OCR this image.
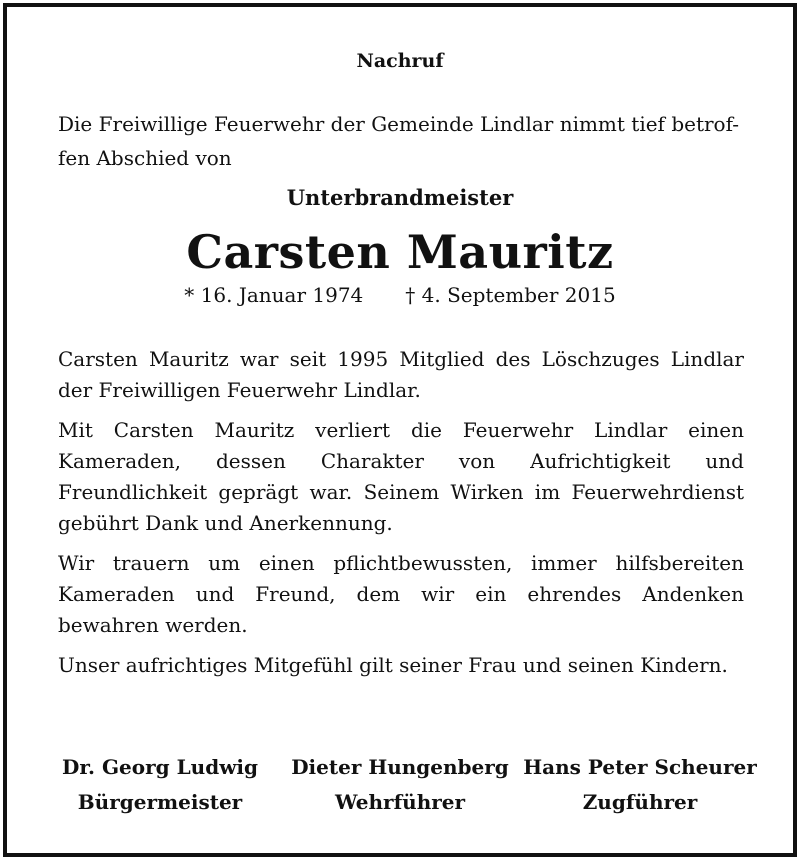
Nachruf
Die Freiwillige Feuerwehr der Gemeinde Lindlar nimmt tief betrof-
fen Abschied von
Unterbrandmeister
Carsten Mauritz
* 16. Januar 1974 † 4. September 2015

Carsten Mauritz war seit 1995 Mitglied des Löschzuges Lindlar der Freiwilligen Feuerwehr Lindlar.

Mit Carsten Mauritz verliert die Feuerwehr Lindlar einen Kameraden, dessen Charakter von Aufrichtigkeit und Freundlichkeit geprägt war. Seinem Wirken im Feuerwehrdienst gebührt Dank und Anerkennung.

Wir trauern um einen pflichtbewussten, immer hilfsbereiten Kameraden und Freund, dem wir ein ehrendes Andenken bewahren werden.

Unser aufrichtiges Mitgefühl gilt seiner Frau und seinen Kindern.

Dr. Georg Ludwig
Bürgermeister
Dieter Hungenberg
Wehrführer
Hans Peter Scheurer
Zugführer
